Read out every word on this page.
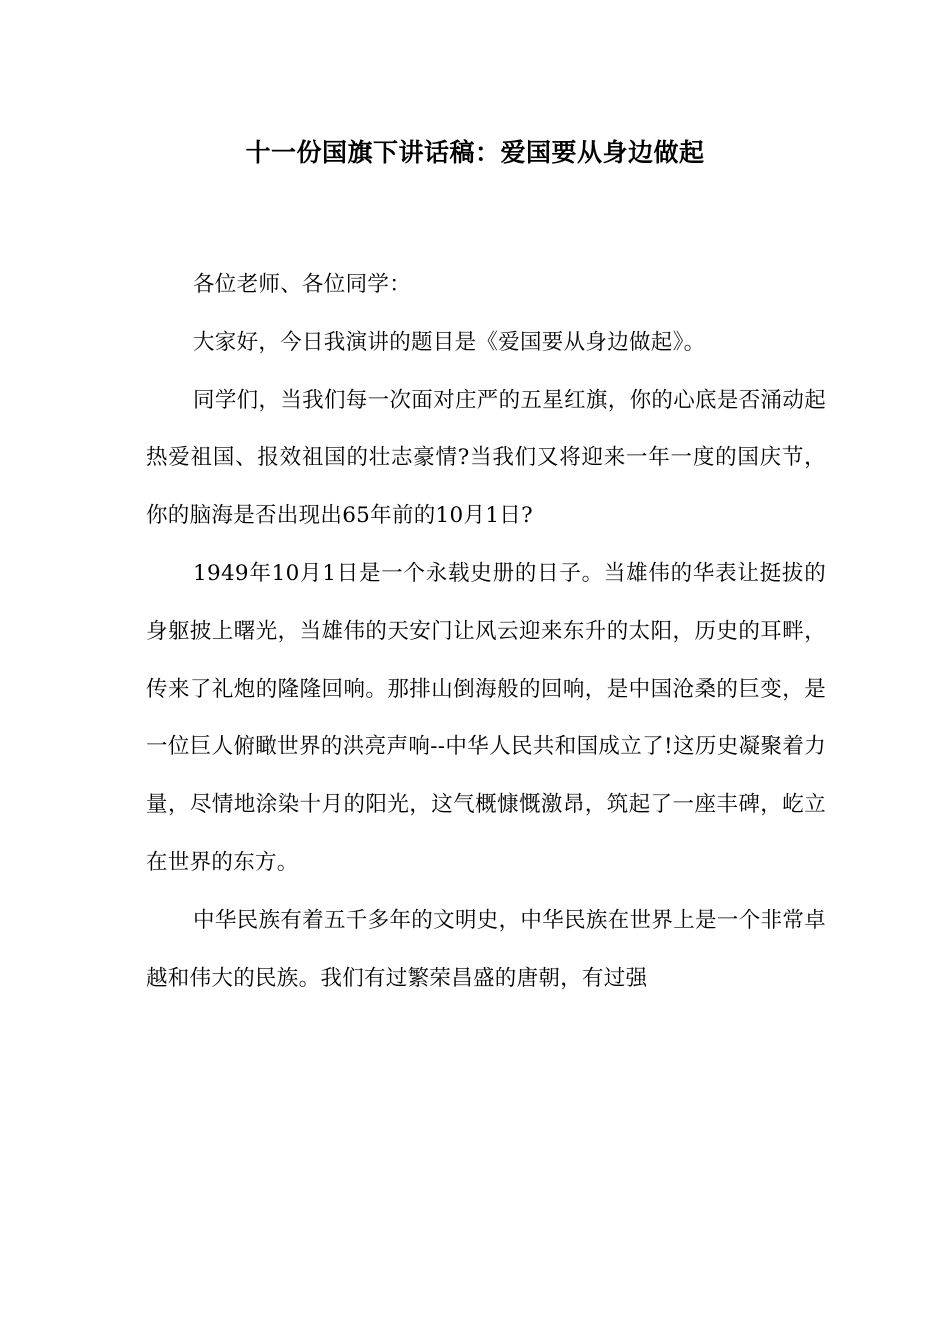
十一份国旗下讲话稿：爱国要从身边做起

各位老师、各位同学：

大家好，今日我演讲的题目是《爱国要从身边做起》。

同学们，当我们每一次面对庄严的五星红旗，你的心底是否涌动起热爱祖国、报效祖国的壮志豪情?当我们又将迎来一年一度的国庆节，你的脑海是否出现出65年前的10月1日?

1949年10月1日是一个永载史册的日子。当雄伟的华表让挺拔的身躯披上曙光，当雄伟的天安门让风云迎来东升的太阳，历史的耳畔，传来了礼炮的隆隆回响。那排山倒海般的回响，是中国沧桑的巨变，是一位巨人俯瞰世界的洪亮声响--中华人民共和国成立了!这历史凝聚着力量，尽情地涂染十月的阳光，这气概慷慨激昂，筑起了一座丰碑，屹立在世界的东方。

中华民族有着五千多年的文明史，中华民族在世界上是一个非常卓越和伟大的民族。我们有过繁荣昌盛的唐朝，有过强
